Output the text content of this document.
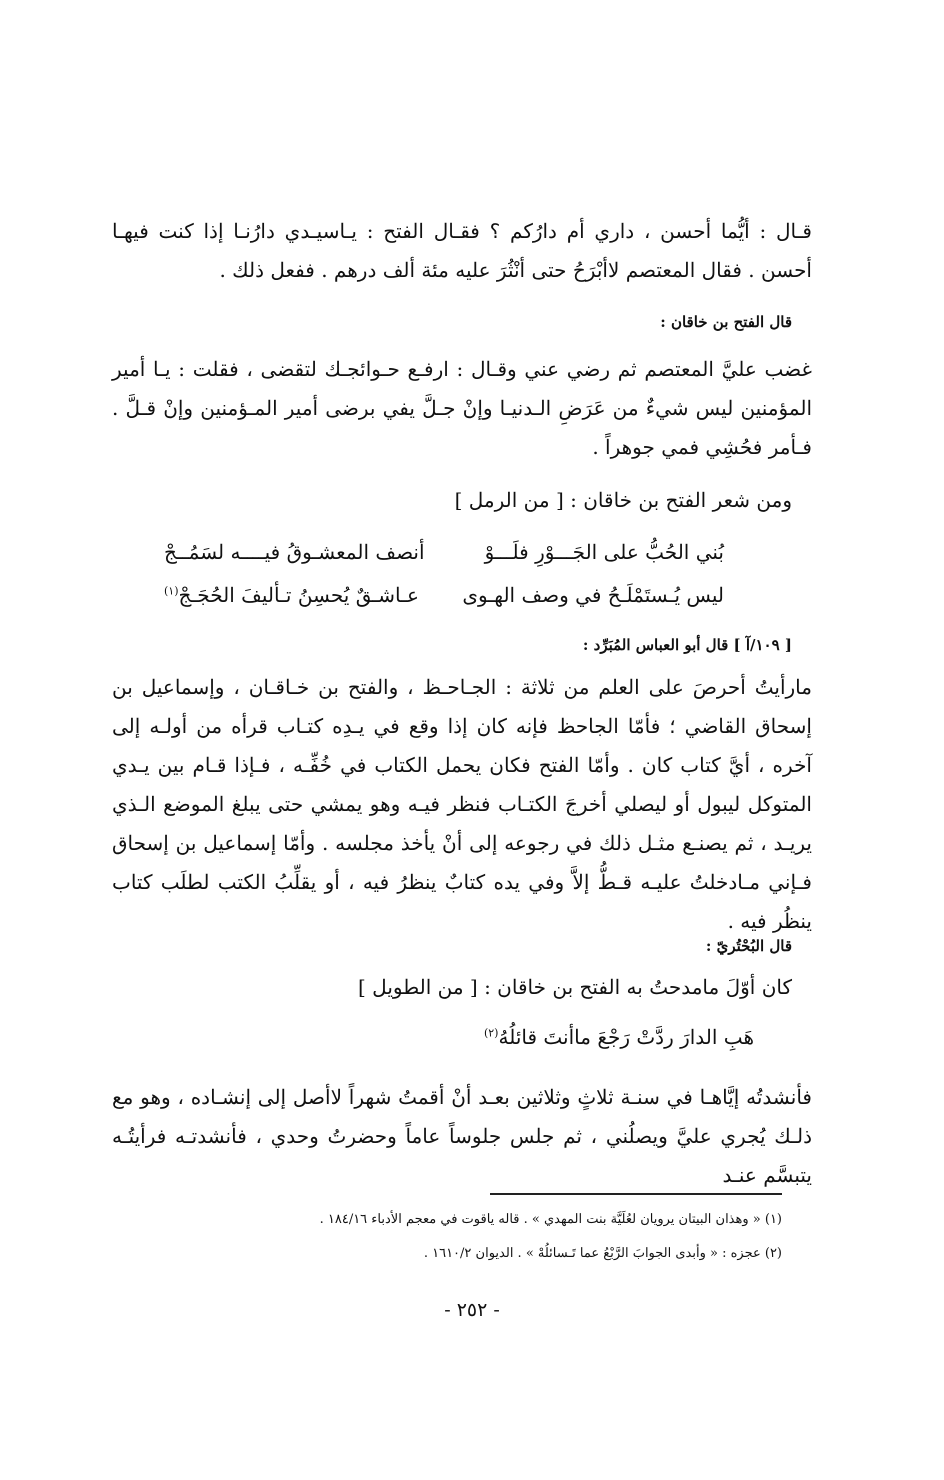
قـال : أيُّما أحسن ، داري أم دارُكم ؟ فقـال الفتح : يـاسيـدي دارُنـا إذا كنت فيهـا أحسن . فقال المعتصم لاأبْرَحُ حتى أنْثُرَ عليه مئة ألف درهم . ففعل ذلك .
قال الفتح بن خاقان :
غضب عليَّ المعتصم ثم رضي عني وقـال : ارفـع حـوائجـك لتقضى ، فقلت : يـا أمير المؤمنين ليس شيءٌ من عَرَضِ الـدنيـا وإنْ جـلَّ يفي برضى أمير المـؤمنين وإنْ قـلَّ . فـأمر فحُشِي فمي جوهراً .
ومن شعر الفتح بن خاقان : [ من الرمل ]
بُني الحُبُّ على الجَـــوْرِ فلَـــوْ
أنصف المعشـوقُ فيــــه لسَمُــجْ
ليس يُـستَمْلَـحُ في وصف الهـوى
عـاشـقٌ يُحسِنُ تـأليفَ الحُجَـجْ$^{(١)}$
[ ١٠٩/آ ] قال أبو العباس المُبَرِّد :
مارأيتُ أحرصَ على العلم من ثلاثة : الجـاحـظ ، والفتح بن خـاقـان ، وإسماعيل بن إسحاق القاضي ؛ فأمّا الجاحظ فإنه كان إذا وقع في يـدِه كتـاب قرأه من أولـه إلى آخره ، أيَّ كتاب كان . وأمّا الفتح فكان يحمل الكتاب في خُفِّـه ، فـإذا قـام بين يـدي المتوكل ليبول أو ليصلي أخرجَ الكتـاب فنظر فيـه وهو يمشي حتى يبلغ الموضع الـذي يريـد ، ثم يصنـع مثـل ذلك في رجوعه إلى أنْ يأخذ مجلسه . وأمّا إسماعيل بن إسحاق فـإني مـادخلتُ عليـه قـطُّ إلاَّ وفي يده كتابٌ ينظرُ فيه ، أو يقلِّبُ الكتب لطلَب كتاب ينظُر فيه .
قال البُحْتُريّ :
كان أوّلَ مامدحتُ به الفتح بن خاقان : [ من الطويل ]
هَبِ الدارَ ردَّتْ رَجْعَ ماأنتَ قائلُهُ$^{(٢)}$
فأنشدتُه إيَّاهـا في سنـة ثلاثٍ وثلاثين بعـد أنْ أقمتُ شهراً لاأصل إلى إنشـاده ، وهو مع ذلـك يُجري عليَّ ويصلُني ، ثم جلس جلوساً عاماً وحضرتُ وحدي ، فأنشدتـه فرأيتُـه يتبسَّم عنـد
(١) « وهذان البيتان يرويان لعُلَيَّة بنت المهدي » . قاله ياقوت في معجم الأدباء ١٨٤/١٦ .
(٢) عجزه : « وأبدى الجوابَ الرَّبْعُ عما تَـسائلُهْ » . الديوان ١٦١٠/٢ .
- ٢٥٢ -
